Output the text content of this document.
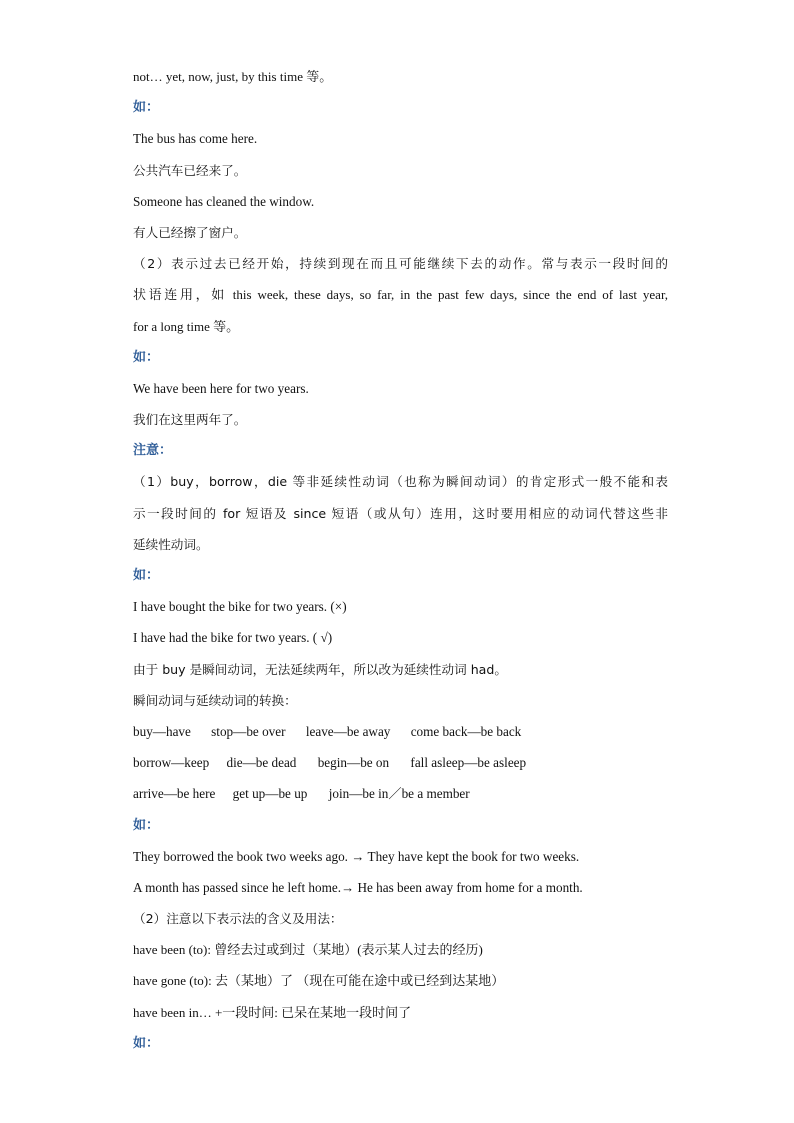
not… yet, now, just, by this time 等。
如：
The bus has come here.
公共汽车已经来了。
Someone has cleaned the window.
有人已经擦了窗户。
（2）表示过去已经开始，持续到现在而且可能继续下去的动作。常与表示一段时间的
状语连用，如 this week, these days, so far, in the past few days, since the end of last year,
for a long time 等。
如：
We have been here for two years.
我们在这里两年了。
注意：
（1）buy，borrow，die 等非延续性动词（也称为瞬间动词）的肯定形式一般不能和表
示一段时间的 for 短语及 since 短语（或从句）连用，这时要用相应的动词代替这些非
延续性动词。
如：
I have bought the bike for two years. (×)
I have had the bike for two years. ( √)
由于 buy 是瞬间动词，无法延续两年，所以改为延续性动词 had。
瞬间动词与延续动词的转换：
buy—have stop—be over leave—be away come back—be back
borrow—keep die—be dead begin—be on fall asleep—be asleep
arrive—be here get up—be up join—be in／be a member
如：
They borrowed the book two weeks ago. → They have kept the book for two weeks.
A month has passed since he left home.→ He has been away from home for a month.
（2）注意以下表示法的含义及用法：
have been (to): 曾经去过或到过（某地）(表示某人过去的经历)
have gone (to): 去（某地）了 （现在可能在途中或已经到达某地）
have been in… +一段时间: 已呆在某地一段时间了
如：
